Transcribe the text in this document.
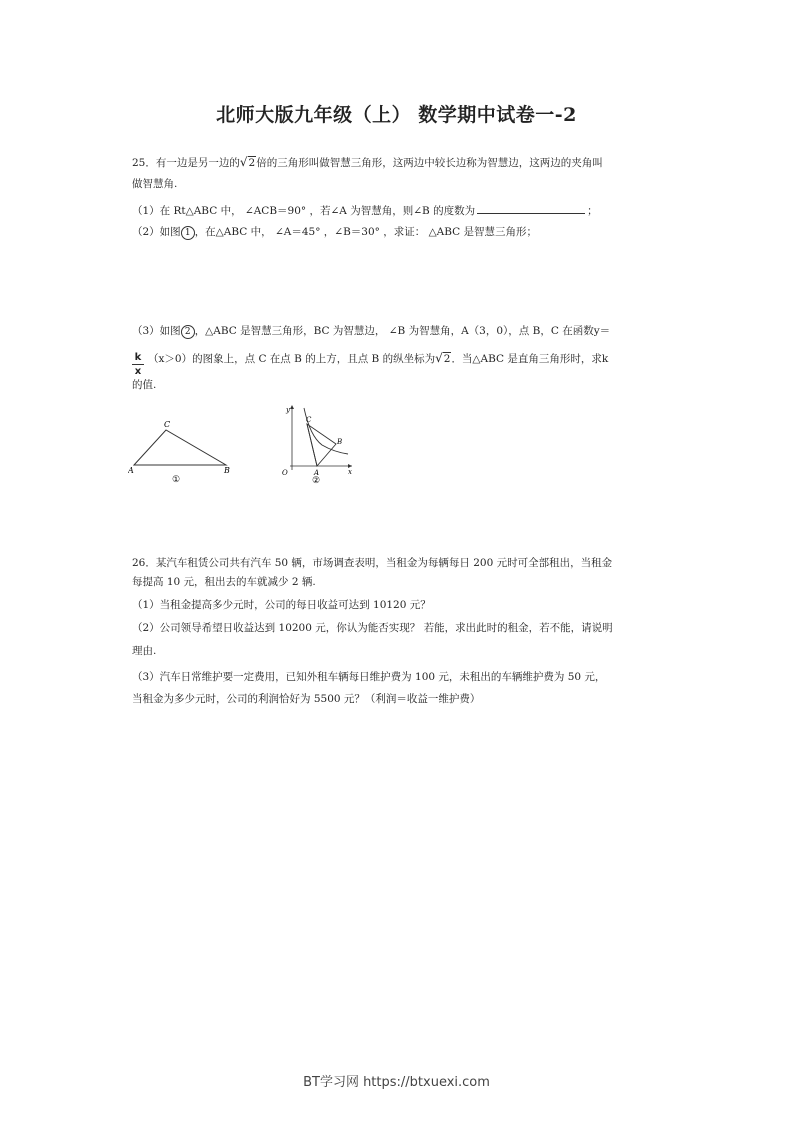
北师大版九年级（上） 数学期中试卷一-2
25．有一边是另一边的√2倍的三角形叫做智慧三角形，这两边中较长边称为智慧边，这两边的夹角叫
做智慧角.
（1）在 Rt△ABC 中， ∠ACB＝90° ，若∠A 为智慧角，则∠B 的度数为	；
（2）如图 1 ，在△ABC 中， ∠A＝45° ，∠B＝30° ，求证： △ABC 是智慧三角形；
（3）如图 2 ，△ABC 是智慧三角形，BC 为智慧边， ∠B 为智慧角，A（3，0），点 B，C 在函数y＝
$\frac{k}{x} (x>0)$的图象上，点 C 在点 B 的上方，且点 B 的纵坐标为√2．当△ABC 是直角三角形时，求k
的值.
A	B
C
①
y
x
O	A
B
C
②
26．某汽车租赁公司共有汽车 50 辆，市场调查表明，当租金为每辆每日 200 元时可全部租出，当租金
每提高 10 元，租出去的车就减少 2 辆.
（1）当租金提高多少元时，公司的每日收益可达到 10120 元？
（2）公司领导希望日收益达到 10200 元，你认为能否实现？ 若能，求出此时的租金，若不能，请说明
理由.
（3）汽车日常维护要一定费用，已知外租车辆每日维护费为 100 元，未租出的车辆维护费为 50 元，
当租金为多少元时，公司的利润恰好为 5500 元？（利润＝收益一维护费）
BT学习网 https://btxuexi.com
